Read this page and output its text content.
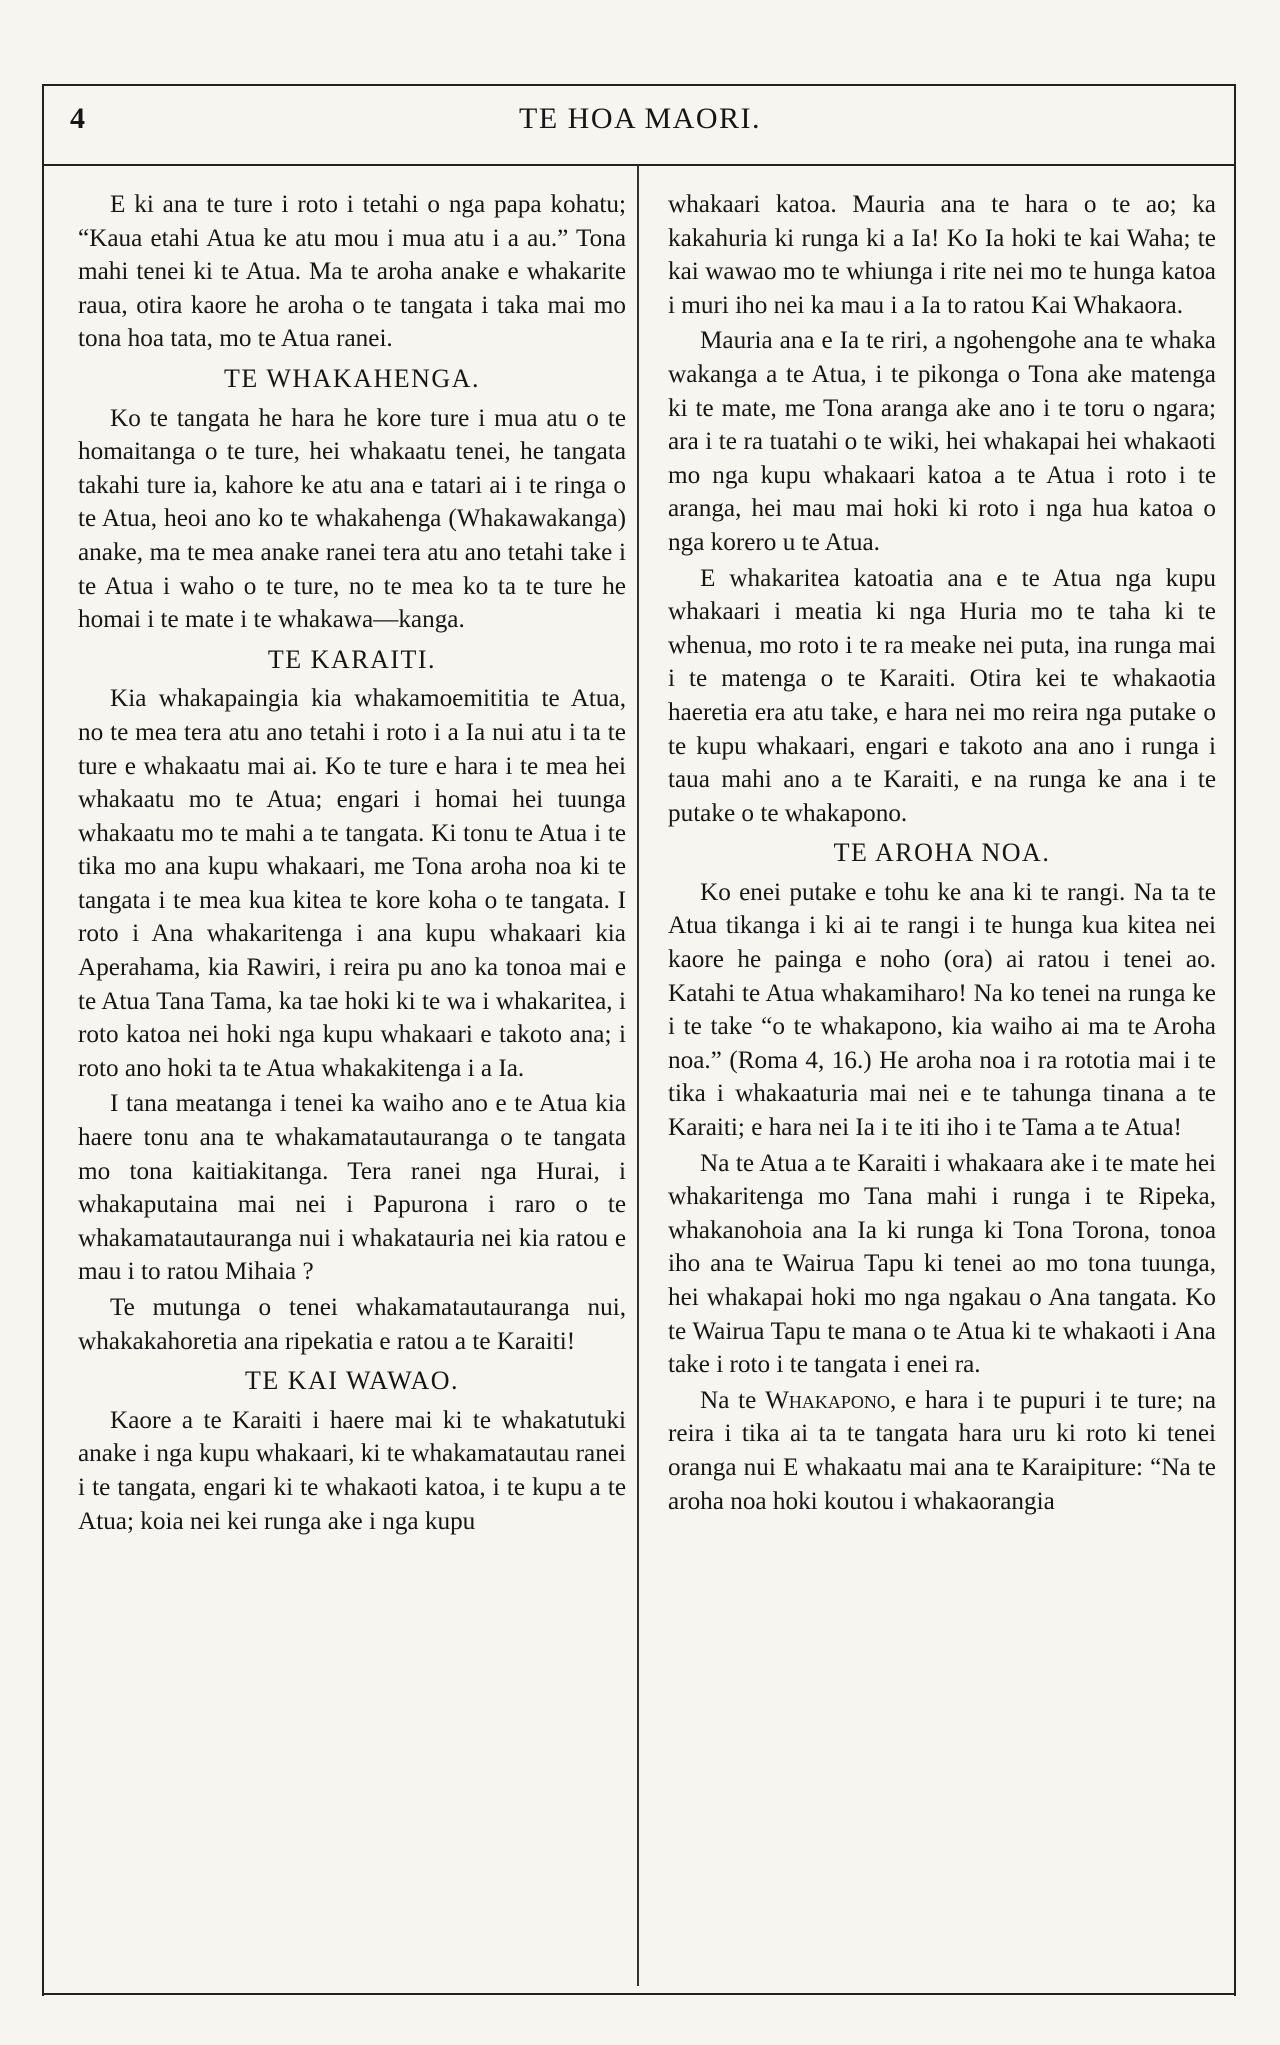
4	TE HOA MAORI.

E ki ana te ture i roto i tetahi o nga papa kohatu; “Kaua etahi Atua ke atu mou i mua atu i a au.” Tona mahi tenei ki te Atua. Ma te aroha anake e whakarite raua, otira kaore he aroha o te tangata i taka mai mo tona hoa tata, mo te Atua ranei.

TE WHAKAHENGA.

Ko te tangata he hara he kore ture i mua atu o te homaitanga o te ture, hei whakaatu tenei, he tangata takahi ture ia, kahore ke atu ana e tatari ai i te ringa o te Atua, heoi ano ko te whakahenga (Whakawakanga) anake, ma te mea anake ranei tera atu ano tetahi take i te Atua i waho o te ture, no te mea ko ta te ture he homai i te mate i te whakawa—kanga.

TE KARAITI.

Kia whakapaingia kia whakamoemititia te Atua, no te mea tera atu ano tetahi i roto i a Ia nui atu i ta te ture e whakaatu mai ai. Ko te ture e hara i te mea hei whakaatu mo te Atua; engari i homai hei tuunga whakaatu mo te mahi a te tangata. Ki tonu te Atua i te tika mo ana kupu whakaari, me Tona aroha noa ki te tangata i te mea kua kitea te kore koha o te tangata. I roto i Ana whakaritenga i ana kupu whakaari kia Aperahama, kia Rawiri, i reira pu ano ka tonoa mai e te Atua Tana Tama, ka tae hoki ki te wa i whakaritea, i roto katoa nei hoki nga kupu whakaari e takoto ana; i roto ano hoki ta te Atua whakakitenga i a Ia.

I tana meatanga i tenei ka waiho ano e te Atua kia haere tonu ana te whakamatautauranga o te tangata mo tona kaitiakitanga. Tera ranei nga Hurai, i whakaputaina mai nei i Papurona i raro o te whakamatautauranga nui i whakatauria nei kia ratou e mau i to ratou Mihaia ?

Te mutunga o tenei whakamatautauranga nui, whakakahoretia ana ripekatia e ratou a te Karaiti!

TE KAI WAWAO.

Kaore a te Karaiti i haere mai ki te whakatutuki anake i nga kupu whakaari, ki te whakamatautau ranei i te tangata, engari ki te whakaoti katoa, i te kupu a te Atua; koia nei kei runga ake i nga kupu

whakaari katoa. Mauria ana te hara o te ao; ka kakahuria ki runga ki a Ia! Ko Ia hoki te kai Waha; te kai wawao mo te whiunga i rite nei mo te hunga katoa i muri iho nei ka mau i a Ia to ratou Kai Whakaora.

Mauria ana e Ia te riri, a ngohengohe ana te whaka wakanga a te Atua, i te pikonga o Tona ake matenga ki te mate, me Tona aranga ake ano i te toru o ngara; ara i te ra tuatahi o te wiki, hei whakapai hei whakaoti mo nga kupu whakaari katoa a te Atua i roto i te aranga, hei mau mai hoki ki roto i nga hua katoa o nga korero u te Atua.

E whakaritea katoatia ana e te Atua nga kupu whakaari i meatia ki nga Huria mo te taha ki te whenua, mo roto i te ra meake nei puta, ina runga mai i te matenga o te Karaiti. Otira kei te whakaotia haeretia era atu take, e hara nei mo reira nga putake o te kupu whakaari, engari e takoto ana ano i runga i taua mahi ano a te Karaiti, e na runga ke ana i te putake o te whakapono.

TE AROHA NOA.

Ko enei putake e tohu ke ana ki te rangi. Na ta te Atua tikanga i ki ai te rangi i te hunga kua kitea nei kaore he painga e noho (ora) ai ratou i tenei ao. Katahi te Atua whakamiharo! Na ko tenei na runga ke i te take “o te whakapono, kia waiho ai ma te Aroha noa.” (Roma 4, 16.) He aroha noa i ra rototia mai i te tika i whakaaturia mai nei e te tahunga tinana a te Karaiti; e hara nei Ia i te iti iho i te Tama a te Atua!

Na te Atua a te Karaiti i whakaara ake i te mate hei whakaritenga mo Tana mahi i runga i te Ripeka, whakanohoia ana Ia ki runga ki Tona Torona, tonoa iho ana te Wairua Tapu ki tenei ao mo tona tuunga, hei whakapai hoki mo nga ngakau o Ana tangata. Ko te Wairua Tapu te mana o te Atua ki te whakaoti i Ana take i roto i te tangata i enei ra.

Na te Whakapono, e hara i te pupuri i te ture; na reira i tika ai ta te tangata hara uru ki roto ki tenei oranga nui E whakaatu mai ana te Karaipiture: “Na te aroha noa hoki koutou i whakaorangia
